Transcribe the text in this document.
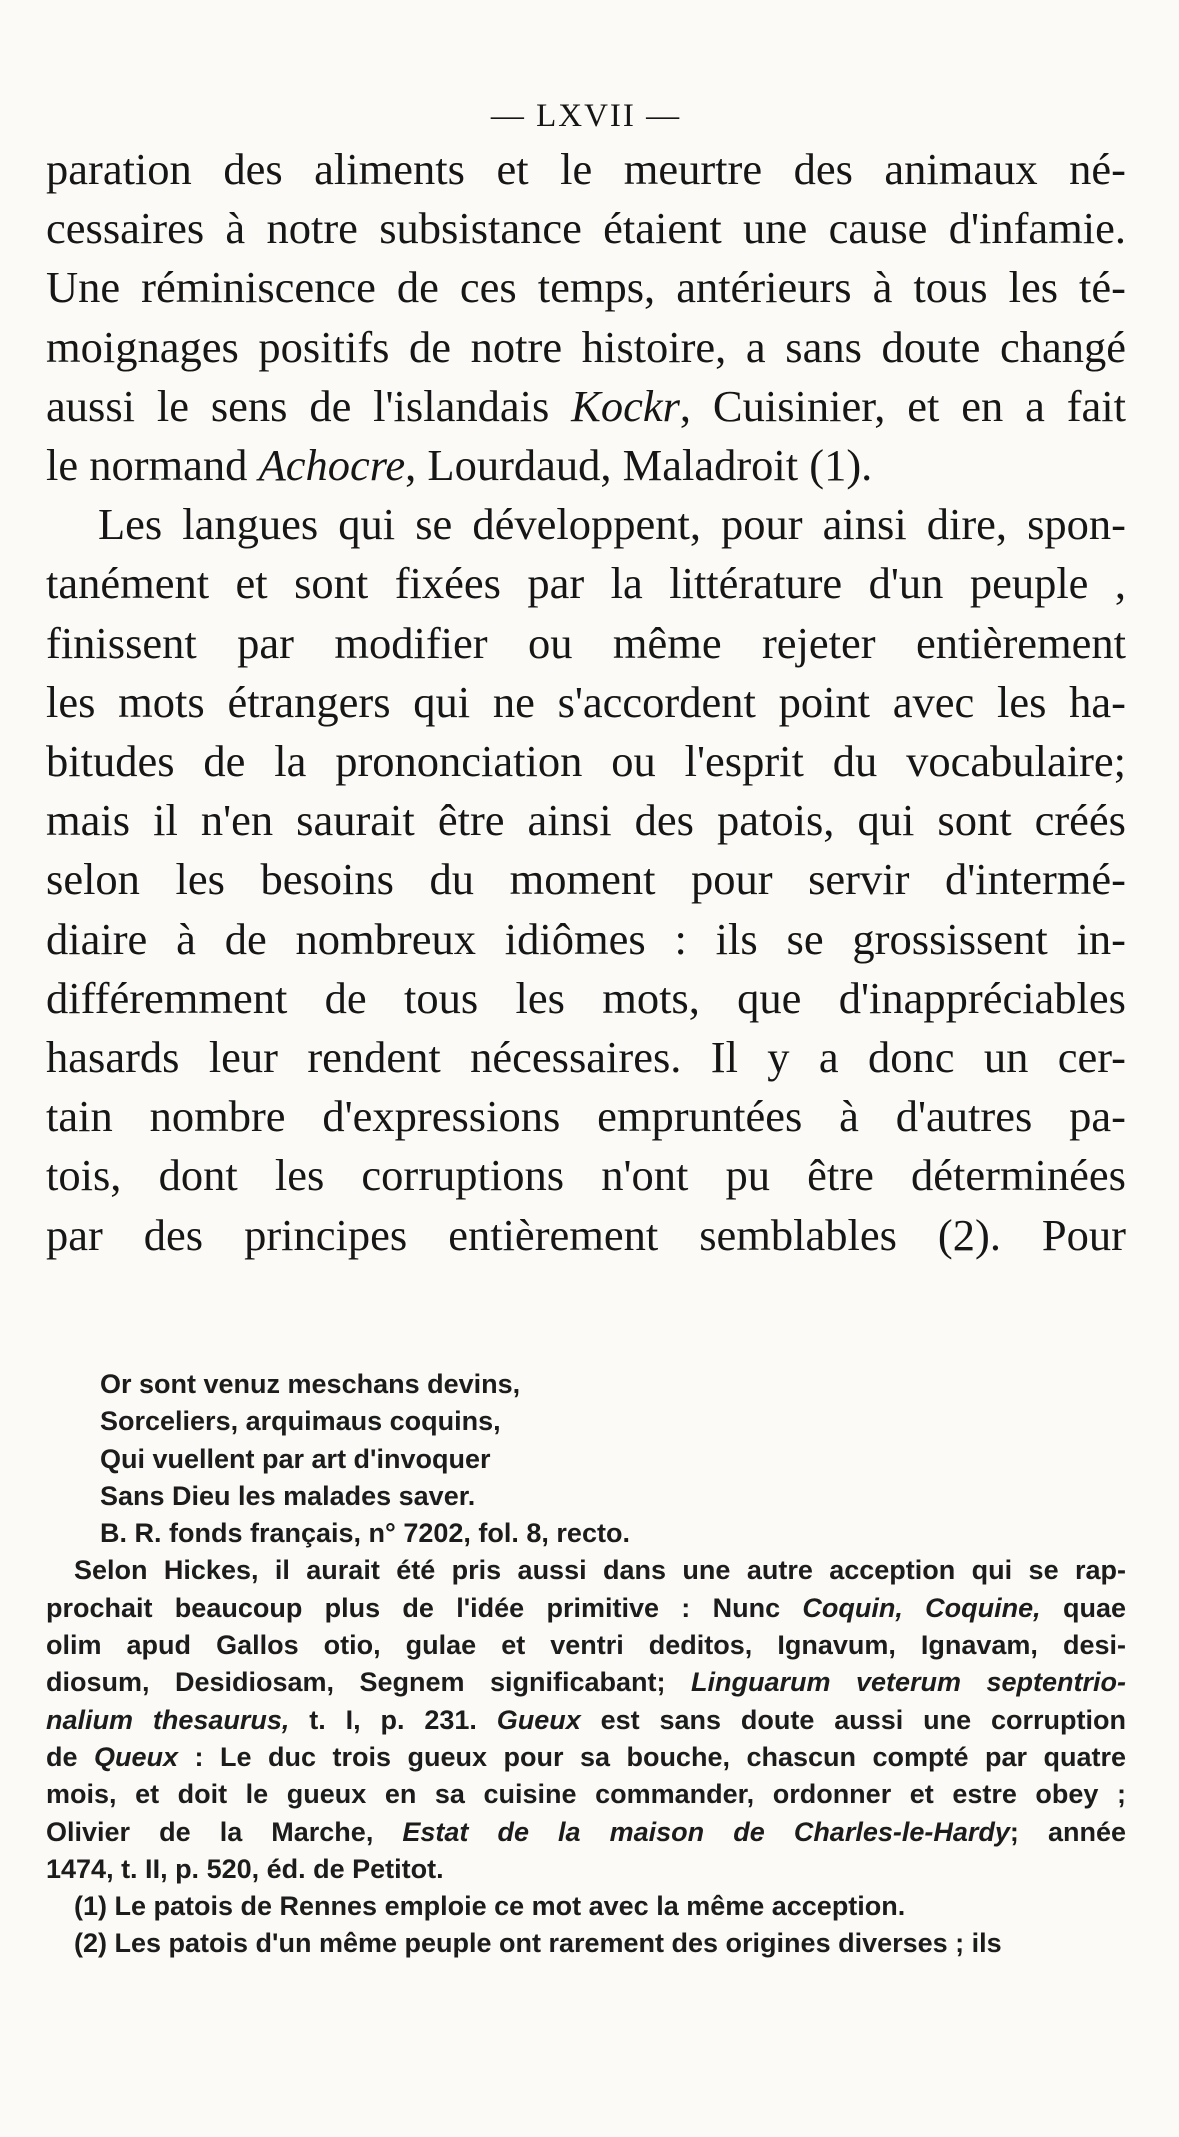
— LXVII —
paration des aliments et le meurtre des animaux né-
cessaires à notre subsistance étaient une cause d'infamie.
Une réminiscence de ces temps, antérieurs à tous les té-
moignages positifs de notre histoire, a sans doute changé
aussi le sens de l'islandais Kockr, Cuisinier, et en a fait
le normand Achocre, Lourdaud, Maladroit (1).
Les langues qui se développent, pour ainsi dire, spon-
tanément et sont fixées par la littérature d'un peuple ,
finissent par modifier ou même rejeter entièrement
les mots étrangers qui ne s'accordent point avec les ha-
bitudes de la prononciation ou l'esprit du vocabulaire;
mais il n'en saurait être ainsi des patois, qui sont créés
selon les besoins du moment pour servir d'intermé-
diaire à de nombreux idiômes : ils se grossissent in-
différemment de tous les mots, que d'inappréciables
hasards leur rendent nécessaires. Il y a donc un cer-
tain nombre d'expressions empruntées à d'autres pa-
tois, dont les corruptions n'ont pu être déterminées
par des principes entièrement semblables (2). Pour
Or sont venuz meschans devins,
Sorceliers, arquimaus coquins,
Qui vuellent par art d'invoquer
Sans Dieu les malades saver.
B. R. fonds français, n° 7202, fol. 8, recto.
Selon Hickes, il aurait été pris aussi dans une autre acception qui se rap-
prochait beaucoup plus de l'idée primitive : Nunc Coquin, Coquine, quae
olim apud Gallos otio, gulae et ventri deditos, Ignavum, Ignavam, desi-
diosum, Desidiosam, Segnem significabant; Linguarum veterum septentrio-
nalium thesaurus, t. I, p. 231. Gueux est sans doute aussi une corruption
de Queux : Le duc trois gueux pour sa bouche, chascun compté par quatre
mois, et doit le gueux en sa cuisine commander, ordonner et estre obey ;
Olivier de la Marche, Estat de la maison de Charles-le-Hardy; année
1474, t. II, p. 520, éd. de Petitot.
(1) Le patois de Rennes emploie ce mot avec la même acception.
(2) Les patois d'un même peuple ont rarement des origines diverses ; ils
